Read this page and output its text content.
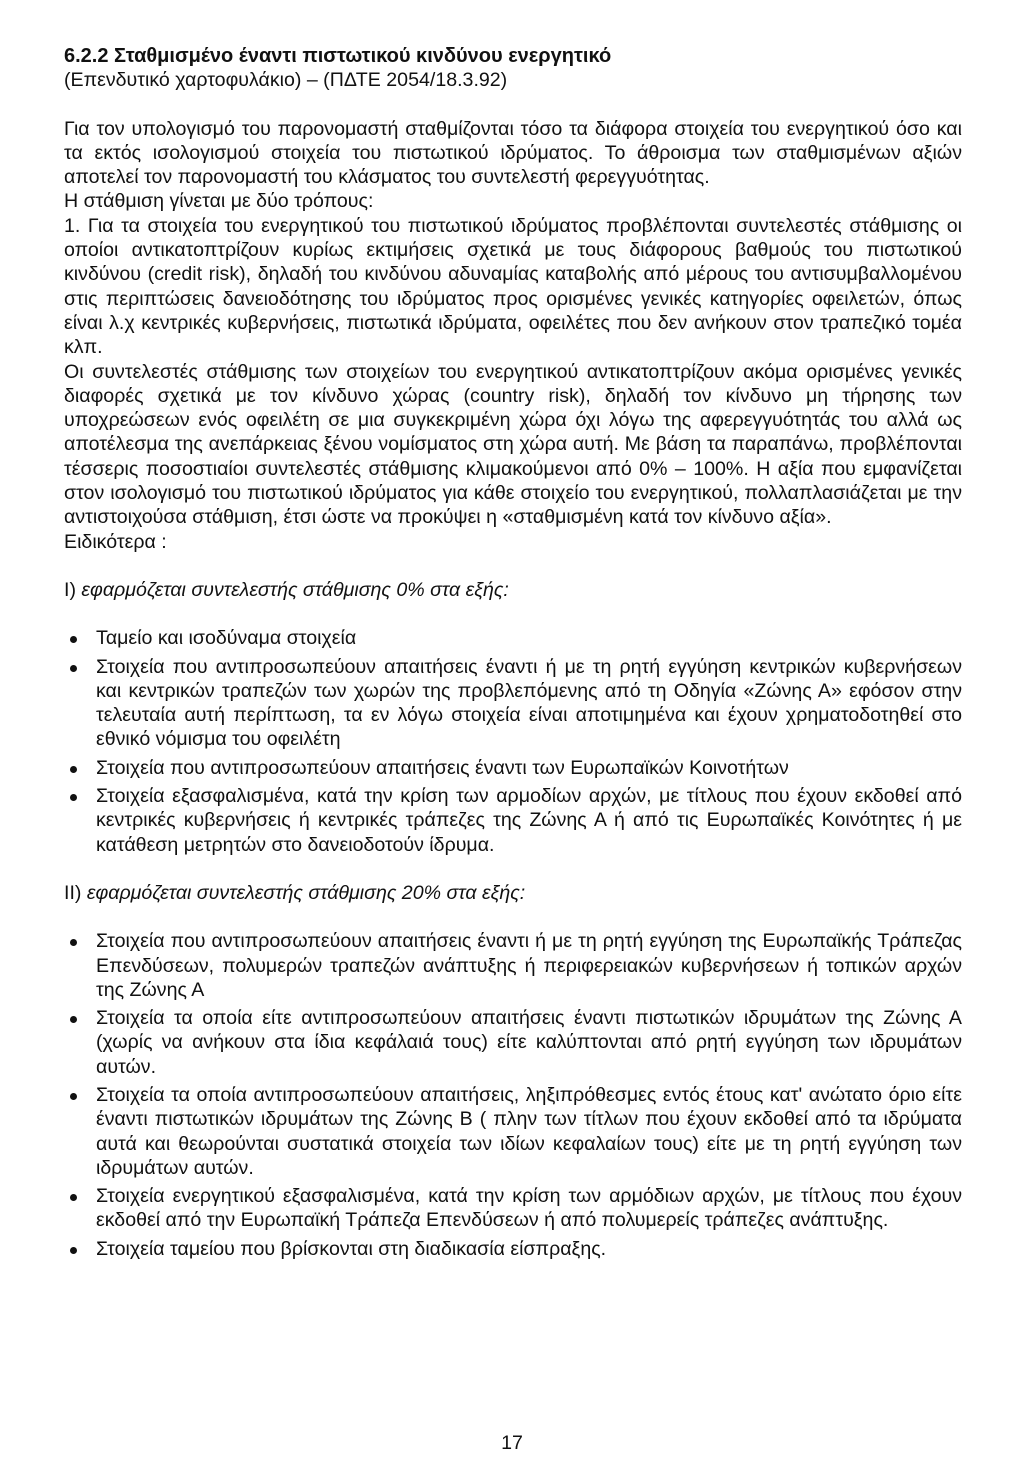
6.2.2 Σταθμισμένο έναντι πιστωτικού κινδύνου ενεργητικό

(Επενδυτικό χαρτοφυλάκιο) – (ΠΔΤΕ 2054/18.3.92)

Για τον υπολογισμό του παρονομαστή σταθμίζονται τόσο τα διάφορα στοιχεία του ενεργητικού όσο και τα εκτός ισολογισμού στοιχεία του πιστωτικού ιδρύματος. Το άθροισμα των σταθμισμένων αξιών αποτελεί τον παρονομαστή του κλάσματος του συντελεστή φερεγγυότητας.

Η στάθμιση γίνεται με δύο τρόπους:

1. Για τα στοιχεία του ενεργητικού του πιστωτικού ιδρύματος προβλέπονται συντελεστές στάθμισης οι οποίοι αντικατοπτρίζουν κυρίως εκτιμήσεις σχετικά με τους διάφορους βαθμούς του πιστωτικού κινδύνου (credit risk), δηλαδή του κινδύνου αδυναμίας καταβολής από μέρους του αντισυμβαλλομένου στις περιπτώσεις δανειοδότησης του ιδρύματος προς ορισμένες γενικές κατηγορίες οφειλετών, όπως είναι λ.χ κεντρικές κυβερνήσεις, πιστωτικά ιδρύματα, οφειλέτες που δεν ανήκουν στον τραπεζικό τομέα κλπ.

Οι συντελεστές στάθμισης των στοιχείων του ενεργητικού αντικατοπτρίζουν ακόμα ορισμένες γενικές διαφορές σχετικά με τον κίνδυνο χώρας (country risk), δηλαδή τον κίνδυνο μη τήρησης των υποχρεώσεων ενός οφειλέτη σε μια συγκεκριμένη χώρα όχι λόγω της αφερεγγυότητάς του αλλά ως αποτέλεσμα της ανεπάρκειας ξένου νομίσματος στη χώρα αυτή. Με βάση τα παραπάνω, προβλέπονται τέσσερις ποσοστιαίοι συντελεστές στάθμισης κλιμακούμενοι από 0% – 100%. Η αξία που εμφανίζεται στον ισολογισμό του πιστωτικού ιδρύματος για κάθε στοιχείο του ενεργητικού, πολλαπλασιάζεται με την αντιστοιχούσα στάθμιση, έτσι ώστε να προκύψει η «σταθμισμένη κατά τον κίνδυνο αξία».

Ειδικότερα :

Ι) εφαρμόζεται συντελεστής στάθμισης 0% στα εξής:

Ταμείο και ισοδύναμα στοιχεία
Στοιχεία που αντιπροσωπεύουν απαιτήσεις έναντι ή με τη ρητή εγγύηση κεντρικών κυβερνήσεων και κεντρικών τραπεζών των χωρών της προβλεπόμενης από τη Οδηγία «Ζώνης Α» εφόσον στην τελευταία αυτή περίπτωση, τα εν λόγω στοιχεία είναι αποτιμημένα και έχουν χρηματοδοτηθεί στο εθνικό νόμισμα του οφειλέτη
Στοιχεία που αντιπροσωπεύουν απαιτήσεις έναντι των Ευρωπαϊκών Κοινοτήτων
Στοιχεία εξασφαλισμένα, κατά την κρίση των αρμοδίων αρχών, με τίτλους που έχουν εκδοθεί από κεντρικές κυβερνήσεις ή κεντρικές τράπεζες της Ζώνης Α ή από τις Ευρωπαϊκές Κοινότητες ή με κατάθεση μετρητών στο δανειοδοτούν ίδρυμα.

ΙΙ) εφαρμόζεται συντελεστής στάθμισης 20% στα εξής:

Στοιχεία που αντιπροσωπεύουν απαιτήσεις έναντι ή με τη ρητή εγγύηση της Ευρωπαϊκής Τράπεζας Επενδύσεων, πολυμερών τραπεζών ανάπτυξης ή περιφερειακών κυβερνήσεων ή τοπικών αρχών της Ζώνης Α
Στοιχεία τα οποία είτε αντιπροσωπεύουν απαιτήσεις έναντι πιστωτικών ιδρυμάτων της Ζώνης Α (χωρίς να ανήκουν στα ίδια κεφάλαιά τους) είτε καλύπτονται από ρητή εγγύηση των ιδρυμάτων αυτών.
Στοιχεία τα οποία αντιπροσωπεύουν απαιτήσεις, ληξιπρόθεσμες εντός έτους κατ' ανώτατο όριο είτε έναντι πιστωτικών ιδρυμάτων της Ζώνης Β ( πλην των τίτλων που έχουν εκδοθεί από τα ιδρύματα αυτά και θεωρούνται συστατικά στοιχεία των ιδίων κεφαλαίων τους) είτε με τη ρητή εγγύηση των ιδρυμάτων αυτών.
Στοιχεία ενεργητικού εξασφαλισμένα, κατά την κρίση των αρμόδιων αρχών, με τίτλους που έχουν εκδοθεί από την Ευρωπαϊκή Τράπεζα Επενδύσεων ή από πολυμερείς τράπεζες ανάπτυξης.
Στοιχεία ταμείου που βρίσκονται στη διαδικασία είσπραξης.
17
